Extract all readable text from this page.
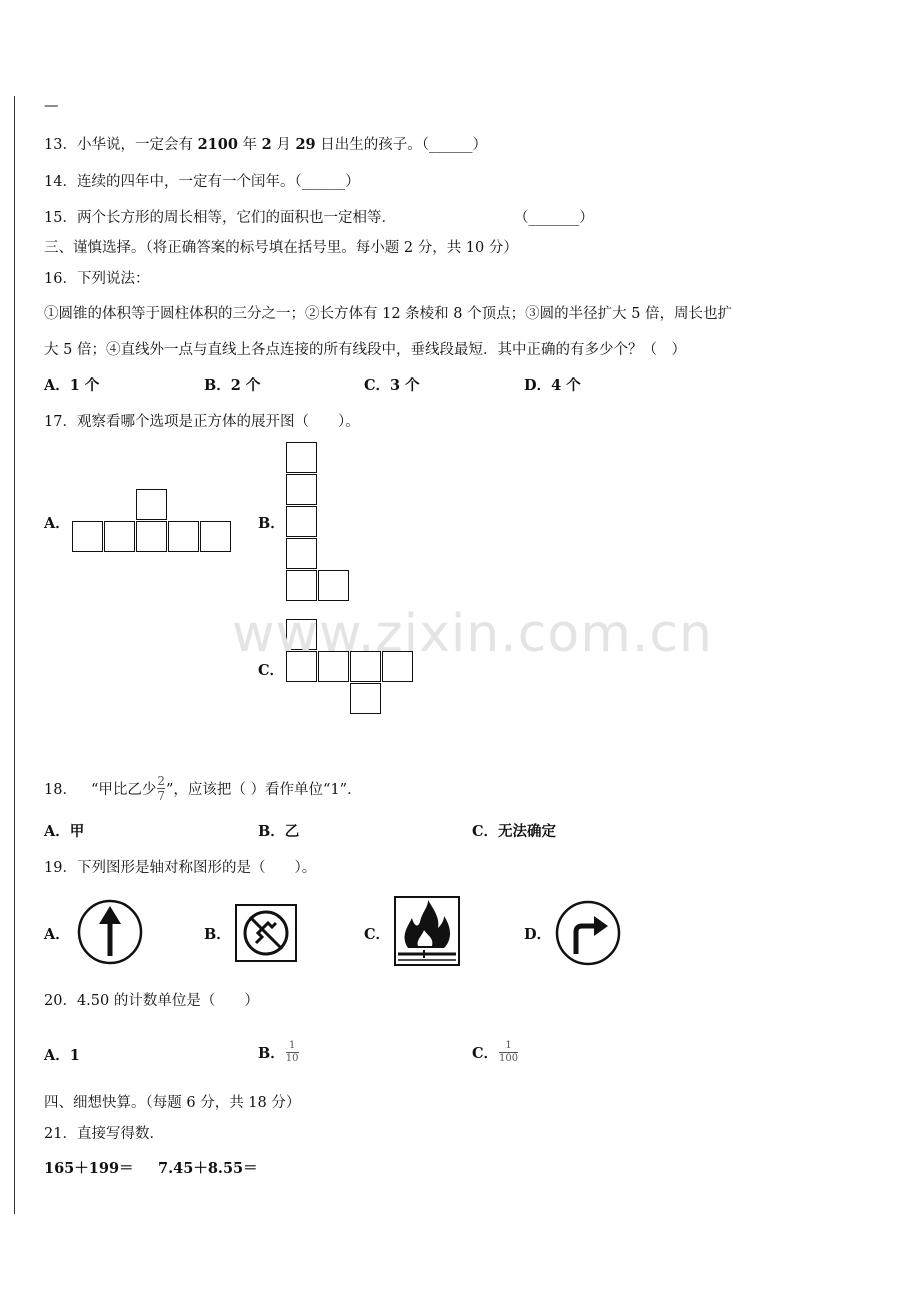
—
13．小华说，一定会有 2100 年 2 月 29 日出生的孩子。（______）
14．连续的四年中，一定有一个闰年。（______）
15．两个长方形的周长相等，它们的面积也一定相等．	（_______）
三、谨慎选择。（将正确答案的标号填在括号里。每小题 2 分，共 10 分）
16．下列说法：
①圆锥的体积等于圆柱体积的三分之一；②长方体有 12 条棱和 8 个顶点；③圆的半径扩大 5 倍，周长也扩
大 5 倍；④直线外一点与直线上各点连接的所有线段中，垂线段最短．其中正确的有多少个？（　）
A．1 个	B．2 个	C．3 个	D．4 个
17．观察看哪个选项是正方体的展开图（　　）。
A．	B．
C．
www.zixin.com.cn
18． “甲比乙少 $\frac{2}{7}$ ”，应该把（ ）看作单位“1”．
A．甲	B．乙	C．无法确定
19．下列图形是轴对称图形的是（　　）。
A．	B．	C．	D．
20．4.50 的计数单位是（　　）
A．1	B． $\frac{1}{10}$	C． $\frac{1}{100}$
四、细想快算。（每题 6 分，共 18 分）
21．直接写得数．
165＋199＝ 7.45＋8.55＝
